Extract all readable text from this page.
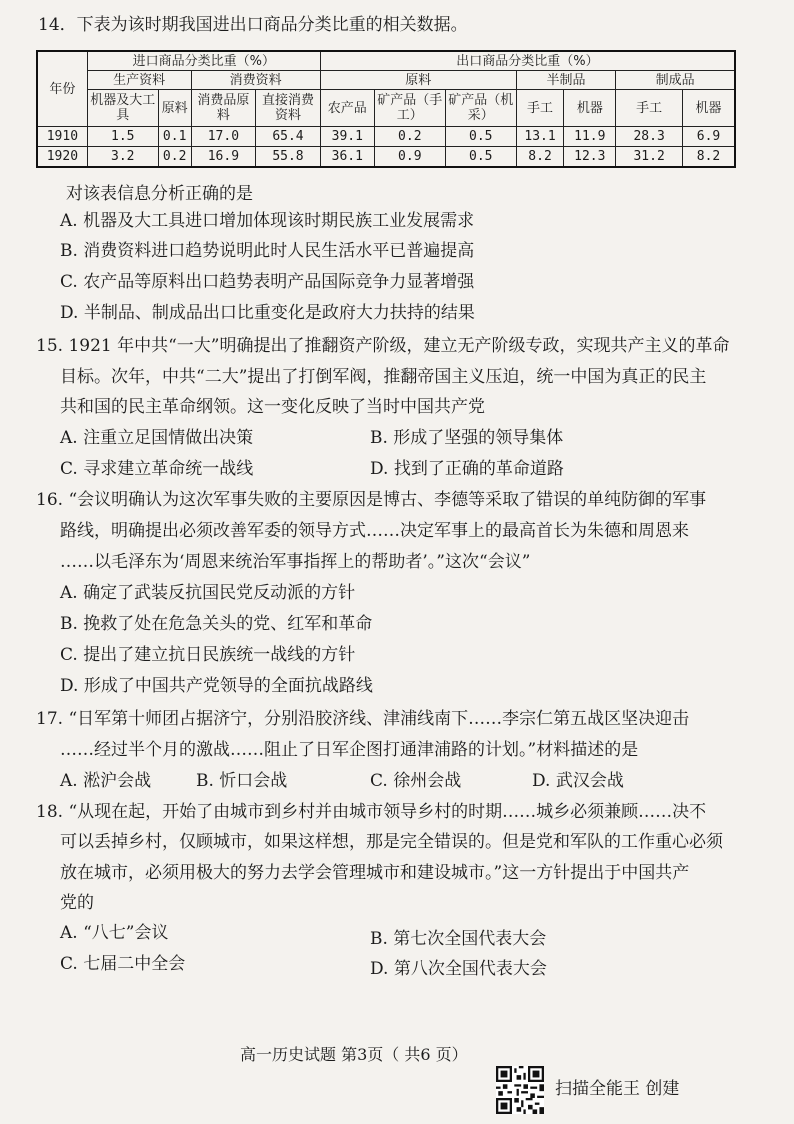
14．下表为该时期我国进出口商品分类比重的相关数据。
年份	进口商品分类比重（%）				出口商品分类比重（%）						
	生产资料		消费资料		原料			半制品		制成品	
	机器及大工具	原料	消费品原料	直接消费资料	农产品	矿产品（手工）	矿产品（机采）	手工	机器	手工	机器
1910	1.5	0.1	17.0	65.4	39.1	0.2	0.5	13.1	11.9	28.3	6.9
1920	3.2	0.2	16.9	55.8	36.1	0.9	0.5	8.2	12.3	31.2	8.2
对该表信息分析正确的是
A. 机器及大工具进口增加体现该时期民族工业发展需求
B. 消费资料进口趋势说明此时人民生活水平已普遍提高
C. 农产品等原料出口趋势表明产品国际竞争力显著增强
D. 半制品、制成品出口比重变化是政府大力扶持的结果
15. 1921 年中共“一大”明确提出了推翻资产阶级，建立无产阶级专政，实现共产主义的革命
目标。次年，中共“二大”提出了打倒军阀，推翻帝国主义压迫，统一中国为真正的民主
共和国的民主革命纲领。这一变化反映了当时中国共产党
A. 注重立足国情做出决策	B. 形成了坚强的领导集体
C. 寻求建立革命统一战线	D. 找到了正确的革命道路
16. “会议明确认为这次军事失败的主要原因是博古、李德等采取了错误的单纯防御的军事
路线，明确提出必须改善军委的领导方式……决定军事上的最高首长为朱德和周恩来
……以毛泽东为‘周恩来统治军事指挥上的帮助者’。”这次“会议”
A. 确定了武装反抗国民党反动派的方针
B. 挽救了处在危急关头的党、红军和革命
C. 提出了建立抗日民族统一战线的方针
D. 形成了中国共产党领导的全面抗战路线
17. “日军第十师团占据济宁，分别沿胶济线、津浦线南下……李宗仁第五战区坚决迎击
……经过半个月的激战……阻止了日军企图打通津浦路的计划。”材料描述的是
A. 淞沪会战	B. 忻口会战	C. 徐州会战	D. 武汉会战
18. “从现在起，开始了由城市到乡村并由城市领导乡村的时期……城乡必须兼顾……决不
可以丢掉乡村，仅顾城市，如果这样想，那是完全错误的。但是党和军队的工作重心必须
放在城市，必须用极大的努力去学会管理城市和建设城市。”这一方针提出于中国共产
党的
A. “八七”会议	B. 第七次全国代表大会
C. 七届二中全会	D. 第八次全国代表大会
高一历史试题 第3页（ 共6 页）
扫描全能王 创建
